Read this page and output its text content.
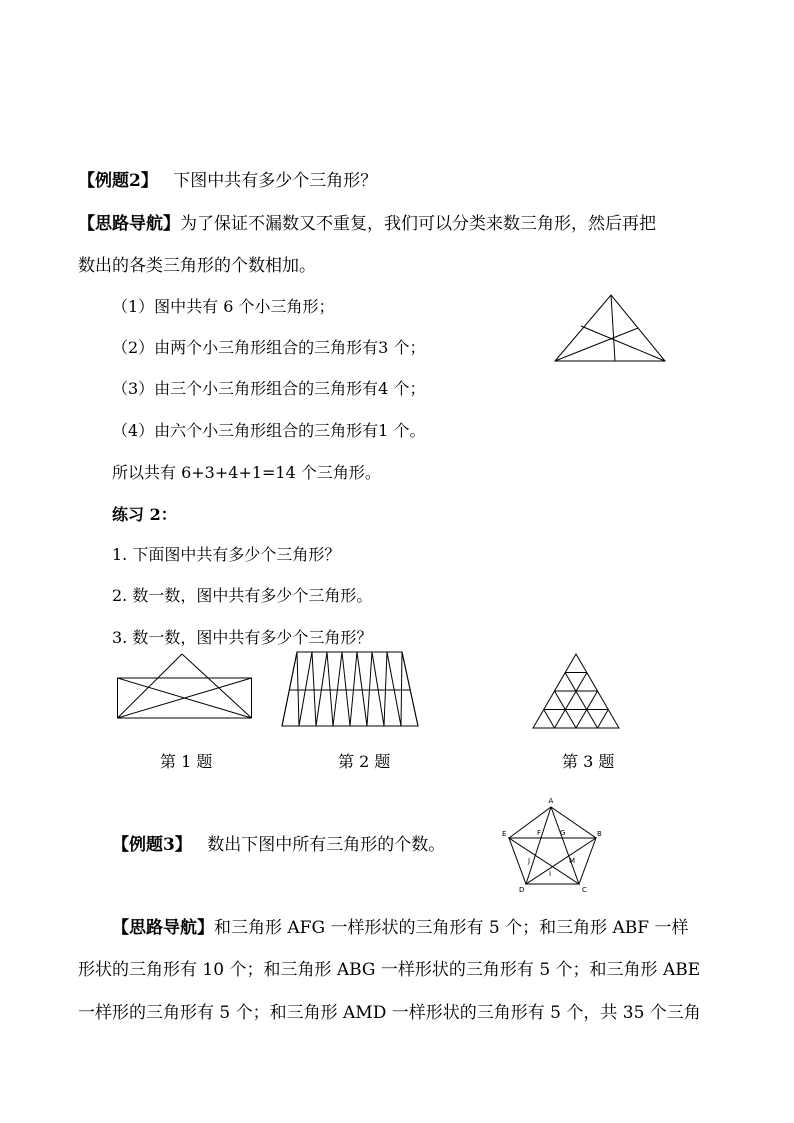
【例题2】 下图中共有多少个三角形？
【思路导航】为了保证不漏数又不重复，我们可以分类来数三角形，然后再把
数出的各类三角形的个数相加。
（1）图中共有 6 个小三角形；
（2）由两个小三角形组合的三角形有3 个；
（3）由三个小三角形组合的三角形有4 个；
（4）由六个小三角形组合的三角形有1 个。
所以共有 6+3+4+1=14 个三角形。
练习 2：
1. 下面图中共有多少个三角形？
2. 数一数，图中共有多少个三角形。
3. 数一数，图中共有多少个三角形？
第 1 题	第 2 题	第 3 题
【例题3】 数出下图中所有三角形的个数。
A
B
C
D
E	F	G
M
I
J
【思路导航】和三角形 AFG 一样形状的三角形有 5 个；和三角形 ABF 一样
形状的三角形有 10 个；和三角形 ABG 一样形状的三角形有 5 个；和三角形 ABE
一样形的三角形有 5 个；和三角形 AMD 一样形状的三角形有 5 个，共 35 个三角
